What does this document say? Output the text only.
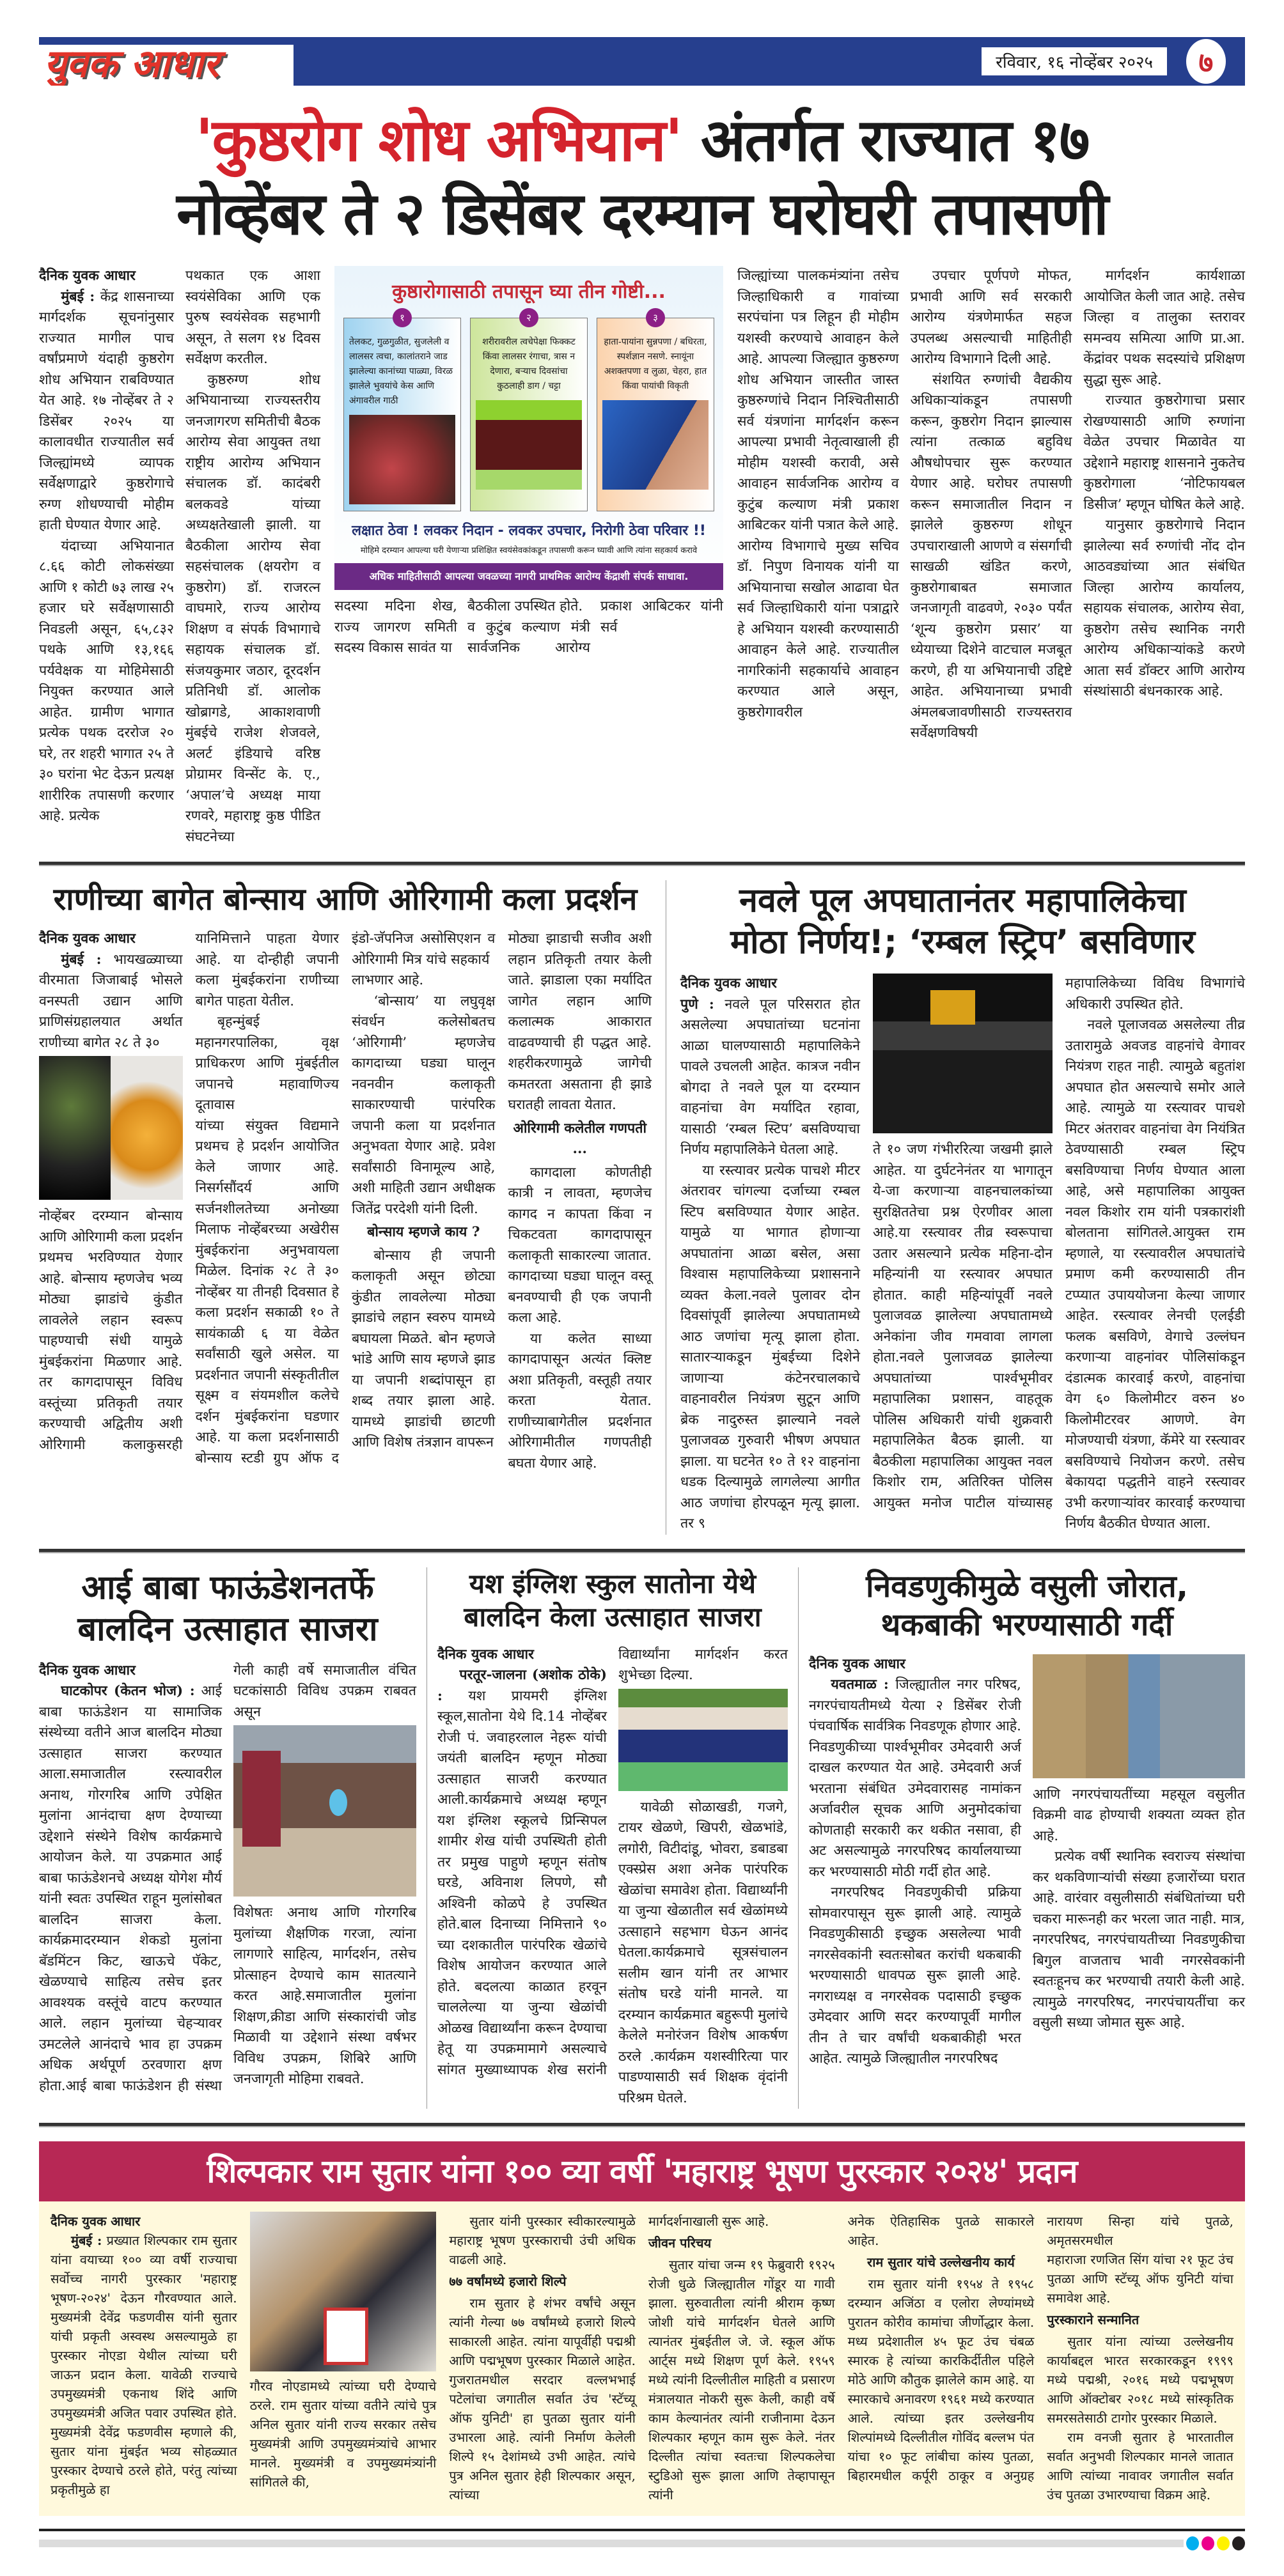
युवक आधार	रविवार, १६ नोव्हेंबर २०२५	७
'कुष्ठरोग शोध अभियान' अंतर्गत राज्यात १७
नोव्हेंबर ते २ डिसेंबर दरम्यान घरोघरी तपासणी
दैनिक युवक आधार

मुंबई : केंद्र शासनाच्या मार्गदर्शक सूचनांनुसार राज्यात मागील पाच वर्षांप्रमाणे यंदाही कुष्ठरोग शोध अभियान राबविण्यात येत आहे. १७ नोव्हेंबर ते २ डिसेंबर २०२५ या कालावधीत राज्यातील सर्व जिल्ह्यांमध्ये व्यापक सर्वेक्षणाद्वारे कुष्ठरोगाचे रुग्ण शोधण्याची मोहीम हाती घेण्यात येणार आहे.

यंदाच्या अभियानात ८.६६ कोटी लोकसंख्या आणि १ कोटी ७३ लाख २५ हजार घरे सर्वेक्षणासाठी निवडली असून, ६५,८३२ पथके आणि १३,१६६ पर्यवेक्षक या मोहिमेसाठी नियुक्त करण्यात आले आहेत. ग्रामीण भागात प्रत्येक पथक दररोज २० घरे, तर शहरी भागात २५ ते ३० घरांना भेट देऊन प्रत्यक्ष शारीरिक तपासणी करणार आहे. प्रत्येक

पथकात एक आशा स्वयंसेविका आणि एक पुरुष स्वयंसेवक सहभागी असून, ते सलग १४ दिवस सर्वेक्षण करतील.

कुष्ठरुग्ण शोध अभियानाच्या राज्यस्तरीय जनजागरण समितीची बैठक आरोग्य सेवा आयुक्त तथा राष्ट्रीय आरोग्य अभियान संचालक डॉ. कादंबरी बलकवडे यांच्या अध्यक्षतेखाली झाली. या बैठकीला आरोग्य सेवा सहसंचालक (क्षयरोग व कुष्ठरोग) डॉ. राजरत्न वाघमारे, राज्य आरोग्य शिक्षण व संपर्क विभागाचे सहायक संचालक डॉ. संजयकुमार जठार, दूरदर्शन प्रतिनिधी डॉ. आलोक खोब्रागडे, आकाशवाणी मुंबईचे राजेश शेजवले, अलर्ट इंडियाचे वरिष्ठ प्रोग्रामर विन्सेंट के. ए., ‘अपाल’चे अध्यक्ष माया रणवरे, महाराष्ट्र कुष्ठ पीडित संघटनेच्या

कुष्ठारोगासाठी तपासून घ्या तीन गोष्टी...
१
तेलकट, गुळगुळीत, सुजलेली व लालसर त्वचा, कालांतराने जाड झालेल्या कानांच्या पाळ्या, विरळ झालेले भुवयांचे केस आणि अंगावरील गाठी
२
शरीरावरील त्वचेपेक्षा फिक्कट किंवा लालसर रंगाचा, त्रास न देणारा, बऱ्याच दिवसांचा कुठलाही डाग / चट्टा
३
हाता-पायांना सुन्नपणा / बधिरता, स्पर्शज्ञान नसणे. स्नायूंना अशक्तपणा व लुळा, चेहरा, हात किंवा पायांची विकृती
लक्षात ठेवा ! लवकर निदान - लवकर उपचार, निरोगी ठेवा परिवार !!
मोहिमे दरम्यान आपल्या घरी येणाऱ्या प्रशिक्षित स्वयंसेवकांकडून तपासणी करून घ्यावी आणि त्यांना सहकार्य करावे
अधिक माहितीसाठी आपल्या जवळच्या नागरी प्राथमिक आरोग्य केंद्राशी संपर्क साधावा.

सदस्या मदिना शेख, राज्य जागरण समिती सदस्य विकास सावंत या

बैठकीला उपस्थित होते.

व कुटुंब कल्याण मंत्री सार्वजनिक आरोग्य प्रकाश आबिटकर यांनी सर्व

जिल्ह्यांच्या पालकमंत्र्यांना तसेच जिल्हाधिकारी व गावांच्या सरपंचांना पत्र लिहून ही मोहीम यशस्वी करण्याचे आवाहन केले आहे. आपल्या जिल्ह्यात कुष्ठरुग्ण शोध अभियान जास्तीत जास्त कुष्ठरुग्णांचे निदान निश्चितीसाठी सर्व यंत्रणांना मार्गदर्शन करून आपल्या प्रभावी नेतृत्वाखाली ही मोहीम यशस्वी करावी, असे आवाहन सार्वजनिक आरोग्य व कुटुंब कल्याण मंत्री प्रकाश आबिटकर यांनी पत्रात केले आहे. आरोग्य विभागाचे मुख्य सचिव डॉ. निपुण विनायक यांनी या अभियानाचा सखोल आढावा घेत सर्व जिल्हाधिकारी यांना पत्राद्वारे हे अभियान यशस्वी करण्यासाठी आवाहन केले आहे. राज्यातील नागरिकांनी सहकार्याचे आवाहन करण्यात आले असून, कुष्ठरोगावरील

उपचार पूर्णपणे मोफत, प्रभावी आणि सर्व सरकारी आरोग्य यंत्रणेमार्फत सहज उपलब्ध असल्याची माहितीही आरोग्य विभागाने दिली आहे.

संशयित रुग्णांची वैद्यकीय अधिकाऱ्यांकडून तपासणी करून, कुष्ठरोग निदान झाल्यास त्यांना तत्काळ बहुविध औषधोपचार सुरू करण्यात येणार आहे. घरोघर तपासणी करून समाजातील निदान न झालेले कुष्ठरुग्ण शोधून उपचाराखाली आणणे व संसर्गाची साखळी खंडित करणे, कुष्ठरोगाबाबत समाजात जनजागृती वाढवणे, २०३० पर्यंत ‘शून्य कुष्ठरोग प्रसार’ या ध्येयाच्या दिशेने वाटचाल मजबूत करणे, ही या अभियानाची उद्दिष्टे आहेत. अभियानाच्या प्रभावी अंमलबजावणीसाठी राज्यस्तराव सर्वेक्षणविषयी

मार्गदर्शन कार्यशाळा आयोजित केली जात आहे. तसेच जिल्हा व तालुका स्तरावर समन्वय समित्या आणि प्रा.आ. केंद्रांवर पथक सदस्यांचे प्रशिक्षण सुद्धा सुरू आहे.

राज्यात कुष्ठरोगाचा प्रसार रोखण्यासाठी आणि रुग्णांना वेळेत उपचार मिळावेत या उद्देशाने महाराष्ट्र शासनाने नुकतेच कुष्ठरोगाला ‘नोटिफायबल डिसीज’ म्हणून घोषित केले आहे.

यानुसार कुष्ठरोगाचे निदान झालेल्या सर्व रुग्णांची नोंद दोन आठवड्यांच्या आत संबंधित जिल्हा आरोग्य कार्यालय, सहायक संचालक, आरोग्य सेवा, कुष्ठरोग तसेच स्थानिक नगरी आरोग्य अधिकाऱ्यांकडे करणे आता सर्व डॉक्टर आणि आरोग्य संस्थांसाठी बंधनकारक आहे.

राणीच्या बागेत बोन्साय आणि ओरिगामी कला प्रदर्शन
दैनिक युवक आधार

मुंबई : भायखळ्याच्या वीरमाता जिजाबाई भोसले वनस्पती उद्यान आणि प्राणिसंग्रहालयात अर्थात राणीच्या बागेत २८ ते ३०

नोव्हेंबर दरम्यान बोन्साय आणि ओरिगामी कला प्रदर्शन प्रथमच भरविण्यात येणार आहे. बोन्साय म्हणजेच भव्य मोठ्या झाडांचे कुंडीत लावलेले लहान स्वरूप पाहण्याची संधी यामुळे मुंबईकरांना मिळणार आहे. तर कागदापासून विविध वस्तूंच्या प्रतिकृती तयार करण्याची अद्वितीय अशी ओरिगामी कलाकुसरही यानिमित्ताने पाहता येणार आहे. या दोन्हीही जपानी कला मुंबईकरांना राणीच्या बागेत पाहता येतील.

बृहन्मुंबई महानगरपालिका, वृक्ष प्राधिकरण आणि मुंबईतील जपानचे महावाणिज्य दूतावास

यांच्या संयुक्त विद्यमाने प्रथमच हे प्रदर्शन आयोजित केले जाणार आहे. निसर्गसौंदर्य आणि सर्जनशीलतेच्या अनोख्या मिलाफ नोव्हेंबरच्या अखेरीस मुंबईकरांना अनुभवायला मिळेल. दिनांक २८ ते ३० नोव्हेंबर या तीनही दिवसात हे कला प्रदर्शन सकाळी १० ते सायंकाळी ६ या वेळेत सर्वांसाठी खुले असेल. या प्रदर्शनात जपानी संस्कृतीतील सूक्ष्म व संयमशील कलेचे दर्शन मुंबईकरांना घडणार आहे. या कला प्रदर्शनासाठी बोन्साय स्टडी ग्रुप ऑफ द इंडो-जॅपनिज असोसिएशन व ओरिगामी मित्र यांचे सहकार्य

लाभणार आहे.

‘बोन्साय’ या लघुवृक्ष संवर्धन कलेसोबतच ‘ओरिगामी’ म्हणजेच कागदाच्या घड्या घालून नवनवीन कलाकृती साकारण्याची पारंपरिक जपानी कला या प्रदर्शनात अनुभवता येणार आहे. प्रवेश सर्वांसाठी विनामूल्य आहे, अशी माहिती उद्यान अधीक्षक जितेंद्र परदेशी यांनी दिली.

बोन्साय म्हणजे काय ?

बोन्साय ही जपानी कलाकृती असून छोट्या कुंडीत लावलेल्या मोठ्या झाडांचे लहान स्वरुप यामध्ये बघायला मिळते. बोन म्हणजे भांडे आणि साय म्हणजे झाड या जपानी शब्दांपासून हा शब्द तयार झाला आहे. यामध्ये झाडांची छाटणी आणि विशेष तंत्रज्ञान वापरून

मोठ्या झाडाची सजीव अशी लहान प्रतिकृती तयार केली जाते. झाडाला एका मर्यादित जागेत लहान आणि कलात्मक आकारात वाढवण्याची ही पद्धत आहे. शहरीकरणामुळे जागेची कमतरता असताना ही झाडे घरातही लावता येतात.

ओरिगामी कलेतील गणपती ...

कागदाला कोणतीही कात्री न लावता, म्हणजेच कागद न कापता किंवा न चिकटवता कागदापासून कलाकृती साकारल्या जातात. कागदाच्या घड्या घालून वस्तू बनवण्याची ही एक जपानी कला आहे.

या कलेत साध्या कागदापासून अत्यंत क्लिष्ट अशा प्रतिकृती, वस्तूही तयार करता येतात. राणीच्याबागेतील प्रदर्शनात ओरिगामीतील गणपतीही बघता येणार आहे.

नवले पूल अपघातानंतर महापालिकेचा
मोठा निर्णय!; ‘रम्बल स्ट्रिप’ बसविणार
दैनिक युवक आधार

पुणे : नवले पूल परिसरात होत असलेल्या अपघातांच्या घटनांना आळा घालण्यासाठी महापालिकेने पावले उचलली आहेत. कात्रज नवीन बोगदा ते नवले पूल या दरम्यान वाहनांचा वेग मर्यादित रहावा, यासाठी ‘रम्बल स्टिप’ बसविण्याचा निर्णय महापालिकेने घेतला आहे.

या रस्त्यावर प्रत्येक पाचशे मीटर अंतरावर चांगल्या दर्जाच्या रम्बल स्टिप बसविण्यात येणार आहेत. यामुळे या भागात होणाऱ्या अपघातांना आळा बसेल, असा विश्वास महापालिकेच्या प्रशासनाने व्यक्त केला.नवले पुलावर दोन दिवसांपूर्वी झालेल्या अपघातामध्ये आठ जणांचा मृत्यू झाला होता. सातारऱ्याकडून मुंबईच्या दिशेने जाणाऱ्या कंटेनरचालकाचे वाहनावरील नियंत्रण सुटून आणि ब्रेक नादुरुस्त झाल्याने नवले पुलाजवळ गुरुवारी भीषण अपघात झाला. या घटनेत १० ते १२ वाहनांना धडक दिल्यामुळे लागलेल्या आगीत आठ जणांचा होरपळून मृत्यू झाला. तर ९

ते १० जण गंभीररित्या जखमी झाले आहेत. या दुर्घटनेनंतर या भागातून ये-जा करणाऱ्या वाहनचालकांच्या सुरक्षिततेचा प्रश्न ऐरणीवर आला आहे.या रस्त्यावर तीव्र स्वरूपाचा उतार असल्याने प्रत्येक महिना-दोन महिन्यांनी या रस्त्यावर अपघात होतात. काही महिन्यांपूर्वी नवले पुलाजवळ झालेल्या अपघातामध्ये अनेकांना जीव गमवावा लागला होता.नवले पुलाजवळ झालेल्या अपघातांच्या पार्श्वभूमीवर महापालिका प्रशासन, वाहतूक पोलिस अधिकारी यांची शुक्रवारी महापालिकेत बैठक झाली. या बैठकीला महापालिका आयुक्त नवल किशोर राम, अतिरिक्त पोलिस आयुक्त मनोज पाटील यांच्यासह महापालिकेच्या विविध विभागांचे अधिकारी उपस्थित होते.

नवले पूलाजवळ असलेल्या तीव्र उतारामुळे अवजड वाहनांचे वेगावर नियंत्रण राहत नाही. त्यामुळे बहुतांश अपघात होत असल्याचे समोर आले आहे. त्यामुळे या रस्त्यावर पाचशे मिटर अंतरावर वाहनांचा वेग नियंत्रित ठेवण्यासाठी रम्बल स्ट्रिप बसविण्याचा निर्णय घेण्यात आला आहे, असे महापालिका आयुक्त नवल किशोर राम यांनी पत्रकारांशी बोलताना सांगितले.आयुक्त राम म्हणाले, या रस्त्यावरील अपघातांचे प्रमाण कमी करण्यासाठी तीन टप्प्यात उपाययोजना केल्या जाणार आहेत. रस्त्यावर लेनची एलईडी फलक बसविणे, वेगाचे उल्लंघन करणाऱ्या वाहनांवर पोलिसांकडून दंडात्मक कारवाई करणे, वाहनांचा वेग ६० किलोमीटर वरुन ४० किलोमीटरवर आणणे. वेग मोजण्याची यंत्रणा, कॅमेरे या रस्त्यावर बसविण्याचे नियोजन करणे. तसेच बेकायदा पद्धतीने वाहने रस्त्यावर उभी करणाऱ्यांवर कारवाई करण्याचा निर्णय बैठकीत घेण्यात आला.

आई बाबा फाऊंडेशनतर्फे
बालदिन उत्साहात साजरा
दैनिक युवक आधार

घाटकोपर (केतन भोज) : आई बाबा फाऊंडेशन या सामाजिक संस्थेच्या वतीने आज बालदिन मोठ्या उत्साहात साजरा करण्यात आला.समाजातील रस्त्यावरील अनाथ, गोरगरिब आणि उपेक्षित मुलांना आनंदाचा क्षण देण्याच्या उद्देशाने संस्थेने विशेष कार्यक्रमाचे आयोजन केले. या उपक्रमात आई बाबा फाऊंडेशनचे अध्यक्ष योगेश मौर्य यांनी स्वतः उपस्थित राहून मुलांसोबत बालदिन साजरा केला. कार्यक्रमादरम्यान शेकडो मुलांना बॅडमिंटन किट, खाऊचे पॅकेट, खेळण्याचे साहित्य तसेच इतर आवश्यक वस्तूंचे वाटप करण्यात आले. लहान मुलांच्या चेहऱ्यावर उमटलेले आनंदाचे भाव हा उपक्रम अधिक अर्थपूर्ण ठरवणारा क्षण होता.आई बाबा फाऊंडेशन ही संस्था गेली काही वर्षे समाजातील वंचित घटकांसाठी विविध उपक्रम राबवत असून

विशेषतः अनाथ आणि गोरगरिब मुलांच्या शैक्षणिक गरजा, त्यांना लागणारे साहित्य, मार्गदर्शन, तसेच प्रोत्साहन देण्याचे काम सातत्याने करत आहे.समाजातील मुलांना शिक्षण,क्रीडा आणि संस्कारांची जोड मिळावी या उद्देशाने संस्था वर्षभर विविध उपक्रम, शिबिरे आणि जनजागृती मोहिमा राबवते.

यश इंग्लिश स्कुल सातोना येथे
बालदिन केला उत्साहात साजरा
दैनिक युवक आधार

परतूर-जालना (अशोक ठोके) : यश प्रायमरी इंग्लिश स्कूल,सातोना येथे दि.14 नोव्हेंबर रोजी पं. जवाहरलाल नेहरू यांची जयंती बालदिन म्हणून मोठ्या उत्साहात साजरी करण्यात आली.कार्यक्रमाचे अध्यक्ष म्हणून यश इंग्लिश स्कूलचे प्रिन्सिपल शामीर शेख यांची उपस्थिती होती तर प्रमुख पाहुणे म्हणून संतोष घरडे, अविनाश लिपणे, सौ अश्विनी कोळपे हे उपस्थित होते.बाल दिनाच्या निमित्ताने ९० च्या दशकातील पारंपरिक खेळांचे विशेष आयोजन करण्यात आले होते. बदलत्या काळात हरवून चाललेल्या या जुन्या खेळांची ओळख विद्यार्थ्यांना करून देण्याचा हेतू या उपक्रमामागे असल्याचे सांगत मुख्याध्यापक शेख सरांनी विद्यार्थ्यांना मार्गदर्शन करत शुभेच्छा दिल्या.

यावेळी सोळाखडी, गजगे, टायर खेळणे, खिपरी, खेळभांडे, लगोरी, विटीदांडू, भोवरा, डबाडबा एक्स्प्रेस अशा अनेक पारंपरिक खेळांचा समावेश होता. विद्यार्थ्यांनी या जुन्या खेळातील सर्व खेळांमध्ये उत्साहाने सहभाग घेऊन आनंद घेतला.कार्यक्रमाचे सूत्रसंचालन सलीम खान यांनी तर आभार संतोष घरडे यांनी मानले. या दरम्यान कार्यक्रमात बहुरूपी मुलांचे केलेले मनोरंजन विशेष आकर्षण ठरले .कार्यक्रम यशस्वीरित्या पार पाडण्यासाठी सर्व शिक्षक वृंदांनी परिश्रम घेतले.

निवडणुकीमुळे वसुली जोरात,
थकबाकी भरण्यासाठी गर्दी
दैनिक युवक आधार

यवतमाळ : जिल्ह्यातील नगर परिषद, नगरपंचायतीमध्ये येत्या २ डिसेंबर रोजी पंचवार्षिक सार्वत्रिक निवडणूक होणार आहे. निवडणुकीच्या पार्श्वभूमीवर उमेदवारी अर्ज दाखल करण्यात येत आहे. उमेदवारी अर्ज भरताना संबंधित उमेदवारासह नामांकन अर्जावरील सूचक आणि अनुमोदकांचा कोणताही सरकारी कर थकीत नसावा, ही अट असल्यामुळे नगरपरिषद कार्यालयाच्या कर भरण्यासाठी मोठी गर्दी होत आहे.

नगरपरिषद निवडणुकीची प्रक्रिया सोमवारपासून सुरू झाली आहे. त्यामुळे निवडणुकीसाठी इच्छुक असलेल्या भावी नगरसेवकांनी स्वतःसोबत करांची थकबाकी भरण्यासाठी धावपळ सुरू झाली आहे. नगराध्यक्ष व नगरसेवक पदासाठी इच्छुक उमेदवार आणि सदर करण्यापूर्वी मागील तीन ते चार वर्षांची थकबाकीही भरत आहेत. त्यामुळे जिल्ह्यातील नगरपरिषद

आणि नगरपंचायतींच्या महसूल वसुलीत विक्रमी वाढ होण्याची शक्यता व्यक्त होत आहे.

प्रत्येक वर्षी स्थानिक स्वराज्य संस्थांचा कर थकविणाऱ्यांची संख्या हजारोंच्या घरात आहे. वारंवार वसुलीसाठी संबंधितांच्या घरी चकरा मारूनही कर भरला जात नाही. मात्र, नगरपरिषद, नगरपंचायतीच्या निवडणुकीचा बिगुल वाजताच भावी नगरसेवकांनी स्वतःहूनच कर भरण्याची तयारी केली आहे. त्यामुळे नगरपरिषद, नगरपंचायतींचा कर वसुली सध्या जोमात सुरू आहे.

शिल्पकार राम सुतार यांना १०० व्या वर्षी 'महाराष्ट्र भूषण पुरस्कार २०२४' प्रदान
दैनिक युवक आधार

मुंबई : प्रख्यात शिल्पकार राम सुतार यांना वयाच्या १०० व्या वर्षी राज्याचा सर्वोच्च नागरी पुरस्कार 'महाराष्ट्र भूषण-२०२४' देऊन गौरवण्यात आले. मुख्यमंत्री देवेंद्र फडणवीस यांनी सुतार यांची प्रकृती अस्वस्थ असल्यामुळे हा पुरस्कार नोएडा येथील त्यांच्या घरी जाऊन प्रदान केला. यावेळी राज्याचे उपमुख्यमंत्री एकनाथ शिंदे आणि उपमुख्यमंत्री अजित पवार उपस्थित होते. मुख्यमंत्री देवेंद्र फडणवीस म्हणाले की, सुतार यांना मुंबईत भव्य सोहळ्यात पुरस्कार देण्याचे ठरले होते, परंतु त्यांच्या प्रकृतीमुळे हा

गौरव नोएडामध्ये त्यांच्या घरी देण्याचे ठरले. राम सुतार यांच्या वतीने त्यांचे पुत्र अनिल सुतार यांनी राज्य सरकार तसेच मुख्यमंत्री आणि उपमुख्यमंत्र्यांचे आभार मानले. मुख्यमंत्री व उपमुख्यमंत्र्यांनी सांगितले की,

सुतार यांनी पुरस्कार स्वीकारल्यामुळे महाराष्ट्र भूषण पुरस्काराची उंची अधिक वाढली आहे.

७७ वर्षांमध्ये हजारो शिल्पे

राम सुतार हे शंभर वर्षांचे असून त्यांनी गेल्या ७७ वर्षांमध्ये हजारो शिल्पे साकारली आहेत. त्यांना यापूर्वीही पद्मश्री आणि पद्मभूषण पुरस्कार मिळाले आहेत. गुजरातमधील सरदार वल्लभभाई पटेलांचा जगातील सर्वात उंच 'स्टॅच्यू ऑफ युनिटी' हा पुतळा सुतार यांनी उभारला आहे. त्यांनी निर्माण केलेली शिल्पे १५ देशांमध्ये उभी आहेत. त्यांचे पुत्र अनिल सुतार हेही शिल्पकार असून, त्यांच्या

मार्गदर्शनाखाली सुरू आहे.

जीवन परिचय

सुतार यांचा जन्म १९ फेब्रुवारी १९२५ रोजी धुळे जिल्ह्यातील गोंडूर या गावी झाला. सुरुवातीला त्यांनी श्रीराम कृष्ण जोशी यांचे मार्गदर्शन घेतले आणि त्यानंतर मुंबईतील जे. जे. स्कूल ऑफ आर्ट्स मध्ये शिक्षण पूर्ण केले. १९५९ मध्ये त्यांनी दिल्लीतील माहिती व प्रसारण मंत्रालयात नोकरी सुरू केली, काही वर्षे काम केल्यानंतर त्यांनी राजीनामा देऊन शिल्पकार म्हणून काम सुरू केले. नंतर दिल्लीत त्यांचा स्वतःचा शिल्पकलेचा स्टुडिओ सुरू झाला आणि तेव्हापासून त्यांनी

अनेक ऐतिहासिक पुतळे साकारले आहेत.

राम सुतार यांचे उल्लेखनीय कार्य

राम सुतार यांनी १९५४ ते १९५८ दरम्यान अजिंठा व एलोरा लेण्यांमध्ये पुरातन कोरीव कामांचा जीर्णोद्धार केला. मध्य प्रदेशातील ४५ फूट उंच चंबळ स्मारक हे त्यांच्या कारकिर्दीतील पहिले मोठे आणि कौतुक झालेले काम आहे. या स्मारकाचे अनावरण १९६१ मध्ये करण्यात आले. त्यांच्या इतर उल्लेखनीय शिल्पांमध्ये दिल्लीतील गोविंद बल्लभ पंत यांचा १० फूट लांबीचा कांस्य पुतळा, बिहारमधील कर्पूरी ठाकूर व अनुग्रह नारायण सिन्हा यांचे पुतळे, अमृतसरमधील

महाराजा रणजित सिंग यांचा २१ फूट उंच पुतळा आणि स्टॅच्यू ऑफ युनिटी यांचा समावेश आहे.

पुरस्काराने सन्मानित

सुतार यांना त्यांच्या उल्लेखनीय कार्याबद्दल भारत सरकारकडून १९९९ मध्ये पद्मश्री, २०१६ मध्ये पद्मभूषण आणि ऑक्टोबर २०१८ मध्ये सांस्कृतिक समरसतेसाठी टागोर पुरस्कार मिळाले.

राम वनजी सुतार हे भारतातील सर्वात अनुभवी शिल्पकार मानले जातात आणि त्यांच्या नावावर जगातील सर्वात उंच पुतळा उभारण्याचा विक्रम आहे.
